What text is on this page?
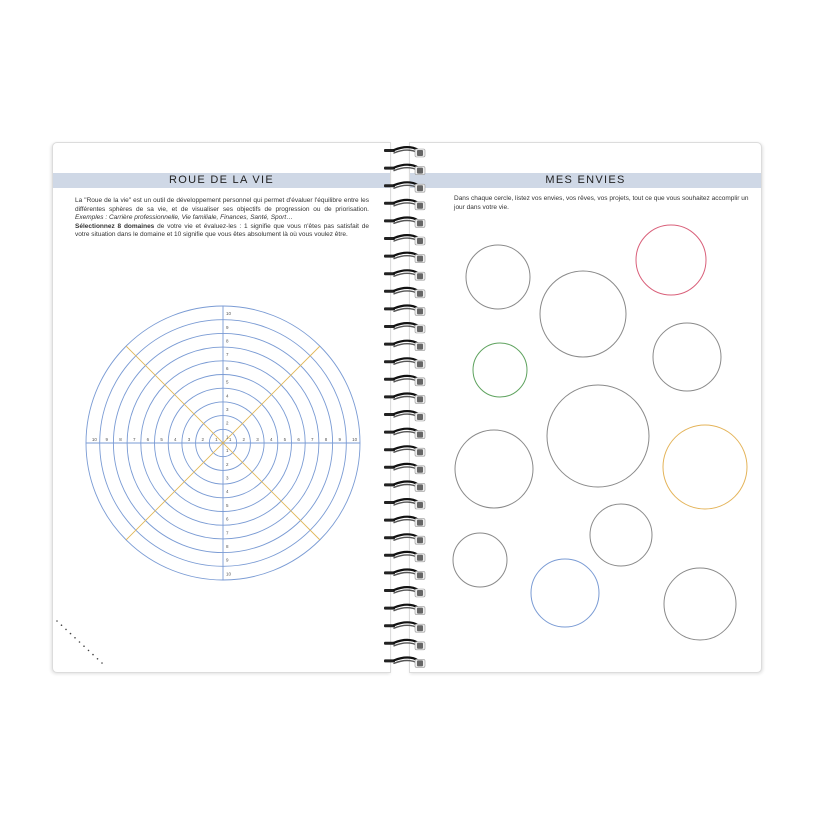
ROUE DE LA VIE
La "Roue de la vie" est un outil de développement personnel qui permet d'évaluer l'équilibre entre les différentes sphères de sa vie, et de visualiser ses objectifs de progression ou de priorisation. Exemples : Carrière professionnelle, Vie familiale, Finances, Santé, Sport…
Sélectionnez 8 domaines de votre vie et évaluez-les : 1 signifie que vous n'êtes pas satisfait de votre situation dans le domaine et 10 signifie que vous êtes absolument là où vous voulez être.
1
1
1 1
2
2
2	2
3
3
3	3
4
4
4	4
5
5
5	5
6
6
6	6
7
7
7	7
8
8
8	8
9
9
9	9
10
10
10	10
MES ENVIES
Dans chaque cercle, listez vos envies, vos rêves, vos projets, tout ce que vous souhaitez accomplir un jour dans votre vie.
